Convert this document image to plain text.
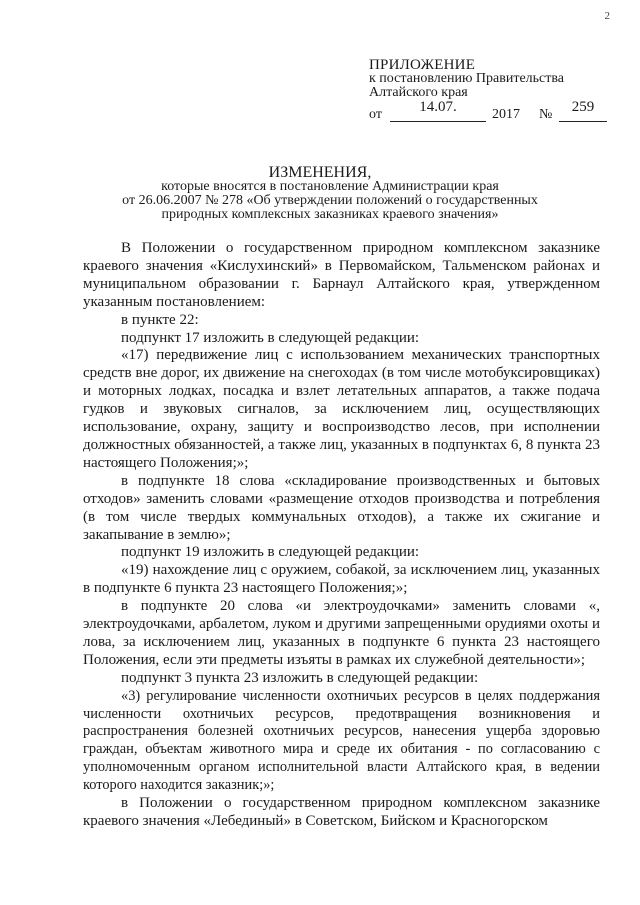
2
ПРИЛОЖЕНИЕ
к постановлению Правительства
Алтайского края
от	14.07.	2017 №	259
ИЗМЕНЕНИЯ,
которые вносятся в постановление Администрации края
от 26.06.2007 № 278 «Об утверждении положений о государственных
природных комплексных заказниках краевого значения»

В Положении о государственном природном комплексном заказнике краевого значения «Кислухинский» в Первомайском, Тальменском районах и муниципальном образовании г. Барнаул Алтайского края, утвержденном указанным постановлением:

в пункте 22:

подпункт 17 изложить в следующей редакции:

«17) передвижение лиц с использованием механических транспортных средств вне дорог, их движение на снегоходах (в том числе мотобуксировщиках) и моторных лодках, посадка и взлет летательных аппаратов, а также подача гудков и звуковых сигналов, за исключением лиц, осуществляющих использование, охрану, защиту и воспроизводство лесов, при исполнении должностных обязанностей, а также лиц, указанных в подпунктах 6, 8 пункта 23 настоящего Положения;»;

в подпункте 18 слова «складирование производственных и бытовых отходов» заменить словами «размещение отходов производства и потребления (в том числе твердых коммунальных отходов), а также их сжигание и закапывание в землю»;

подпункт 19 изложить в следующей редакции:

«19) нахождение лиц с оружием, собакой, за исключением лиц, указанных в подпункте 6 пункта 23 настоящего Положения;»;

в подпункте 20 слова «и электроудочками» заменить словами «, электроудочками, арбалетом, луком и другими запрещенными орудиями охоты и лова, за исключением лиц, указанных в подпункте 6 пункта 23 настоящего Положения, если эти предметы изъяты в рамках их служебной деятельности»;

подпункт 3 пункта 23 изложить в следующей редакции:

«3) регулирование численности охотничьих ресурсов в целях поддержания численности охотничьих ресурсов, предотвращения возникновения и распространения болезней охотничьих ресурсов, нанесения ущерба здоровью граждан, объектам животного мира и среде их обитания - по согласованию с уполномоченным органом исполнительной власти Алтайского края, в ведении которого находится заказник;»;

в Положении о государственном природном комплексном заказнике краевого значения «Лебединый» в Советском, Бийском и Красногорском
